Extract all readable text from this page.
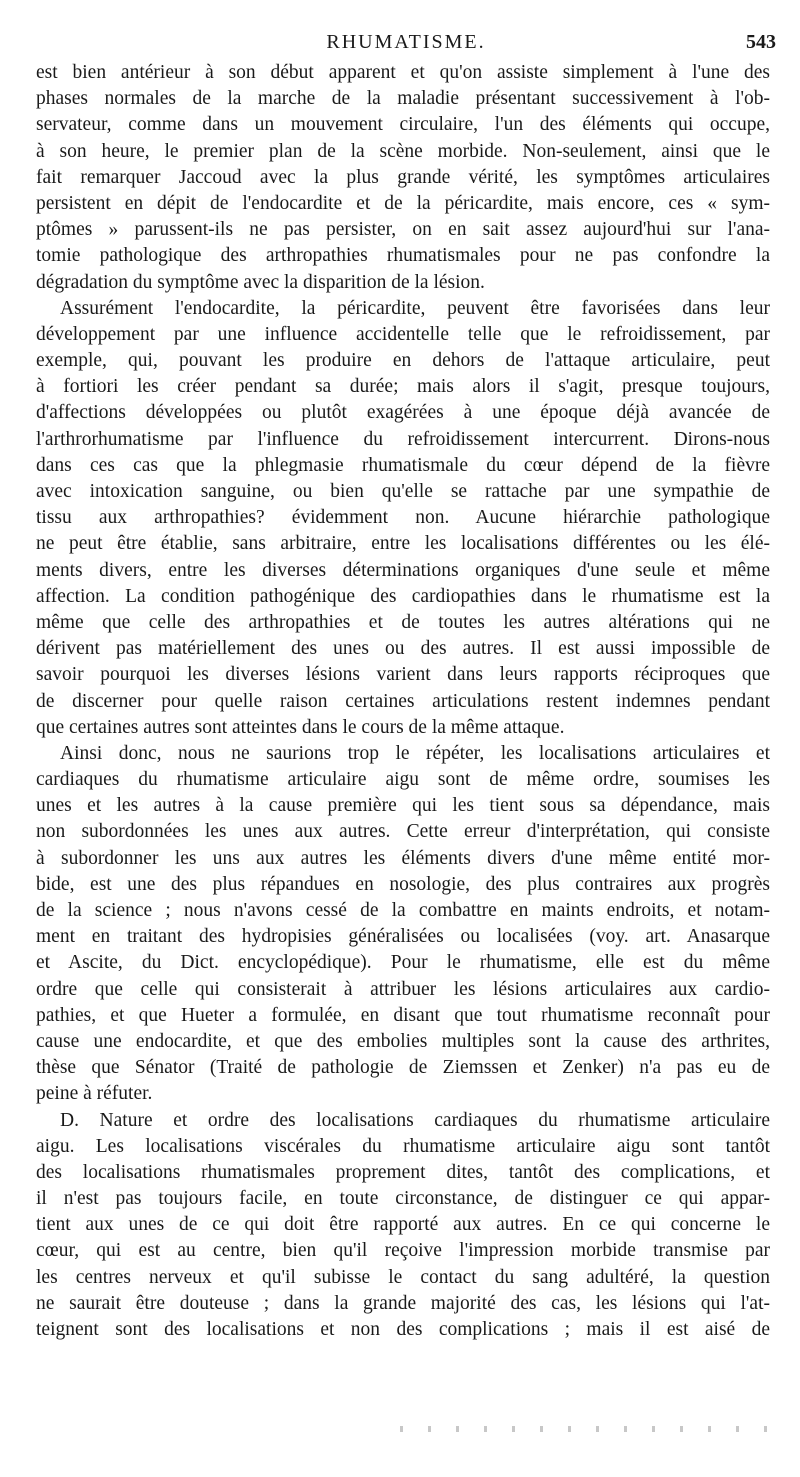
RHUMATISME.	543
est bien antérieur à son début apparent et qu'on assiste simplement à l'une des
phases normales de la marche de la maladie présentant successivement à l'ob-
servateur, comme dans un mouvement circulaire, l'un des éléments qui occupe,
à son heure, le premier plan de la scène morbide. Non-seulement, ainsi que le
fait remarquer Jaccoud avec la plus grande vérité, les symptômes articulaires
persistent en dépit de l'endocardite et de la péricardite, mais encore, ces « sym-
ptômes » parussent-ils ne pas persister, on en sait assez aujourd'hui sur l'ana-
tomie pathologique des arthropathies rhumatismales pour ne pas confondre la
dégradation du symptôme avec la disparition de la lésion.
Assurément l'endocardite, la péricardite, peuvent être favorisées dans leur
développement par une influence accidentelle telle que le refroidissement, par
exemple, qui, pouvant les produire en dehors de l'attaque articulaire, peut
à fortiori les créer pendant sa durée; mais alors il s'agit, presque toujours,
d'affections développées ou plutôt exagérées à une époque déjà avancée de
l'arthrorhumatisme par l'influence du refroidissement intercurrent. Dirons-nous
dans ces cas que la phlegmasie rhumatismale du cœur dépend de la fièvre
avec intoxication sanguine, ou bien qu'elle se rattache par une sympathie de
tissu aux arthropathies? évidemment non. Aucune hiérarchie pathologique
ne peut être établie, sans arbitraire, entre les localisations différentes ou les élé-
ments divers, entre les diverses déterminations organiques d'une seule et même
affection. La condition pathogénique des cardiopathies dans le rhumatisme est la
même que celle des arthropathies et de toutes les autres altérations qui ne
dérivent pas matériellement des unes ou des autres. Il est aussi impossible de
savoir pourquoi les diverses lésions varient dans leurs rapports réciproques que
de discerner pour quelle raison certaines articulations restent indemnes pendant
que certaines autres sont atteintes dans le cours de la même attaque.
Ainsi donc, nous ne saurions trop le répéter, les localisations articulaires et
cardiaques du rhumatisme articulaire aigu sont de même ordre, soumises les
unes et les autres à la cause première qui les tient sous sa dépendance, mais
non subordonnées les unes aux autres. Cette erreur d'interprétation, qui consiste
à subordonner les uns aux autres les éléments divers d'une même entité mor-
bide, est une des plus répandues en nosologie, des plus contraires aux progrès
de la science ; nous n'avons cessé de la combattre en maints endroits, et notam-
ment en traitant des hydropisies généralisées ou localisées (voy. art. Anasarque
et Ascite, du Dict. encyclopédique). Pour le rhumatisme, elle est du même
ordre que celle qui consisterait à attribuer les lésions articulaires aux cardio-
pathies, et que Hueter a formulée, en disant que tout rhumatisme reconnaît pour
cause une endocardite, et que des embolies multiples sont la cause des arthrites,
thèse que Sénator (Traité de pathologie de Ziemssen et Zenker) n'a pas eu de
peine à réfuter.
D. Nature et ordre des localisations cardiaques du rhumatisme articulaire
aigu. Les localisations viscérales du rhumatisme articulaire aigu sont tantôt
des localisations rhumatismales proprement dites, tantôt des complications, et
il n'est pas toujours facile, en toute circonstance, de distinguer ce qui appar-
tient aux unes de ce qui doit être rapporté aux autres. En ce qui concerne le
cœur, qui est au centre, bien qu'il reçoive l'impression morbide transmise par
les centres nerveux et qu'il subisse le contact du sang adultéré, la question
ne saurait être douteuse ; dans la grande majorité des cas, les lésions qui l'at-
teignent sont des localisations et non des complications ; mais il est aisé de
